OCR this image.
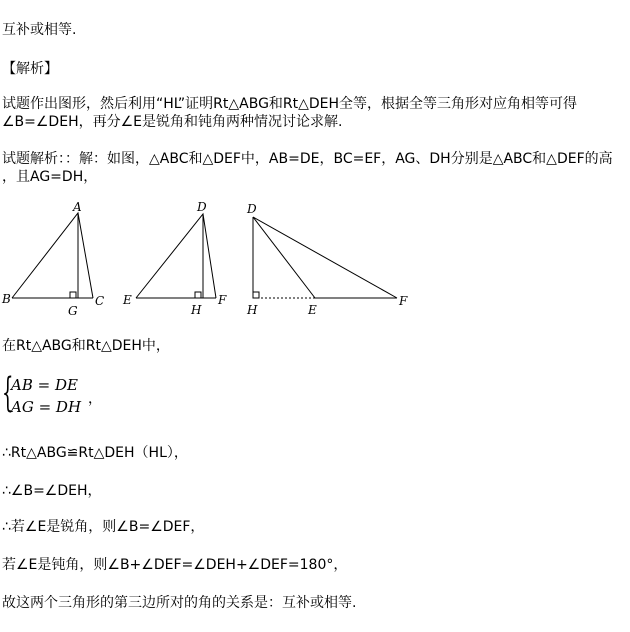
互补或相等.
【解析】
试题作出图形，然后利用“HL”证明Rt△ABG和Rt△DEH全等，根据全等三角形对应角相等可得
∠B=∠DEH，再分∠E是锐角和钝角两种情况讨论求解.
试题解析：：解：如图，△ABC和△DEF中，AB=DE，BC=EF，AG、DH分别是△ABC和△DEF的高
，且AG=DH，
A
B	C
G
D
E	F
H
D
H	E
F
在Rt△ABG和Rt△DEH中，
{
AB = DE
AG = DH ，
∴Rt△ABG≌Rt△DEH（HL），
∴∠B=∠DEH，
∴若∠E是锐角，则∠B=∠DEF，
若∠E是钝角，则∠B+∠DEF=∠DEH+∠DEF=180°，
故这两个三角形的第三边所对的角的关系是：互补或相等.
